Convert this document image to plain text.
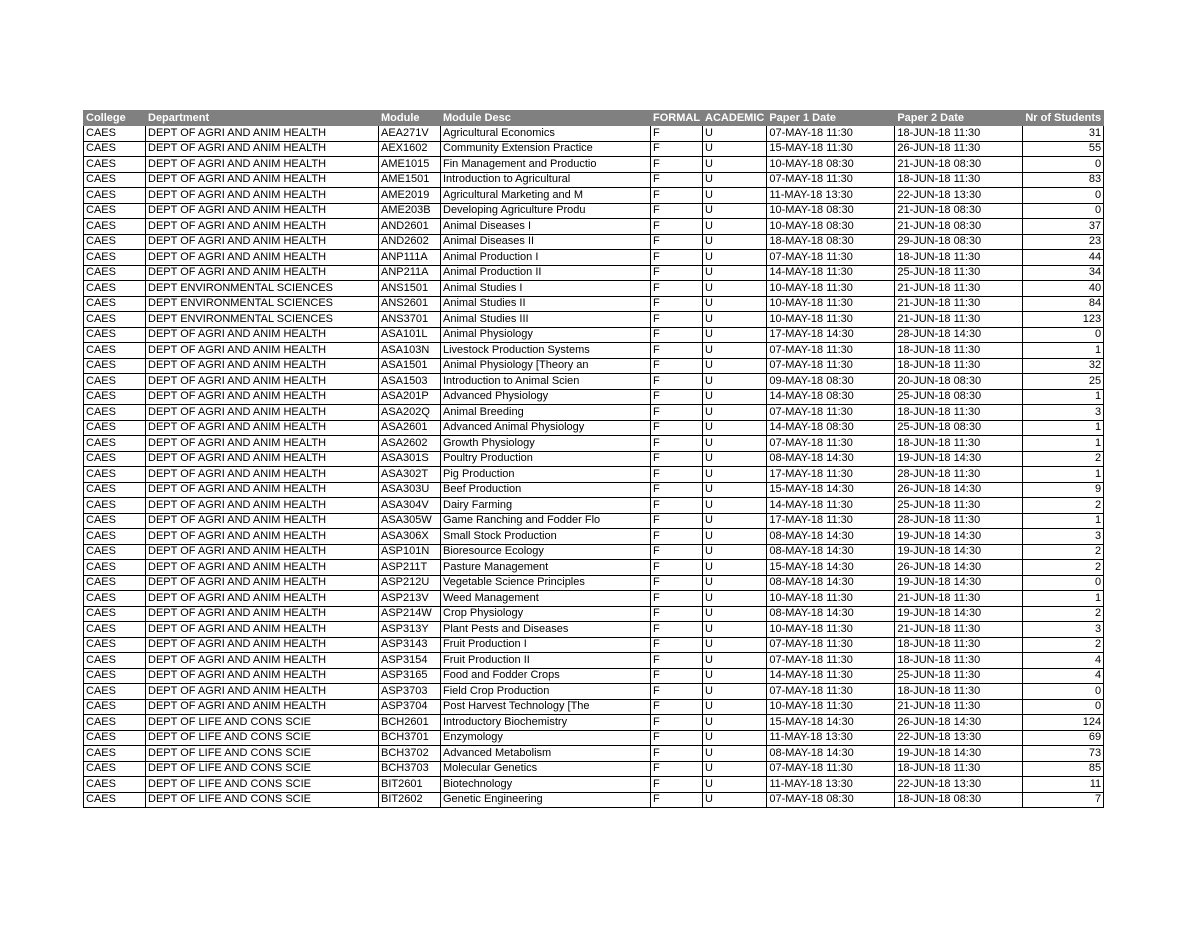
College	Department	Module	Module Desc	FORMAL	ACADEMIC	Paper 1 Date	Paper 2 Date	Nr of Students
CAES	DEPT OF AGRI AND ANIM HEALTH	AEA271V	Agricultural Economics	F	U	07-MAY-18 11:30	18-JUN-18 11:30	31
CAES	DEPT OF AGRI AND ANIM HEALTH	AEX1602	Community Extension Practice	F	U	15-MAY-18 11:30	26-JUN-18 11:30	55
CAES	DEPT OF AGRI AND ANIM HEALTH	AME1015	Fin Management and Productio	F	U	10-MAY-18 08:30	21-JUN-18 08:30	0
CAES	DEPT OF AGRI AND ANIM HEALTH	AME1501	Introduction to Agricultural	F	U	07-MAY-18 11:30	18-JUN-18 11:30	83
CAES	DEPT OF AGRI AND ANIM HEALTH	AME2019	Agricultural Marketing and M	F	U	11-MAY-18 13:30	22-JUN-18 13:30	0
CAES	DEPT OF AGRI AND ANIM HEALTH	AME203B	Developing Agriculture Produ	F	U	10-MAY-18 08:30	21-JUN-18 08:30	0
CAES	DEPT OF AGRI AND ANIM HEALTH	AND2601	Animal Diseases I	F	U	10-MAY-18 08:30	21-JUN-18 08:30	37
CAES	DEPT OF AGRI AND ANIM HEALTH	AND2602	Animal Diseases II	F	U	18-MAY-18 08:30	29-JUN-18 08:30	23
CAES	DEPT OF AGRI AND ANIM HEALTH	ANP111A	Animal Production I	F	U	07-MAY-18 11:30	18-JUN-18 11:30	44
CAES	DEPT OF AGRI AND ANIM HEALTH	ANP211A	Animal Production II	F	U	14-MAY-18 11:30	25-JUN-18 11:30	34
CAES	DEPT ENVIRONMENTAL SCIENCES	ANS1501	Animal Studies I	F	U	10-MAY-18 11:30	21-JUN-18 11:30	40
CAES	DEPT ENVIRONMENTAL SCIENCES	ANS2601	Animal Studies II	F	U	10-MAY-18 11:30	21-JUN-18 11:30	84
CAES	DEPT ENVIRONMENTAL SCIENCES	ANS3701	Animal Studies III	F	U	10-MAY-18 11:30	21-JUN-18 11:30	123
CAES	DEPT OF AGRI AND ANIM HEALTH	ASA101L	Animal Physiology	F	U	17-MAY-18 14:30	28-JUN-18 14:30	0
CAES	DEPT OF AGRI AND ANIM HEALTH	ASA103N	Livestock Production Systems	F	U	07-MAY-18 11:30	18-JUN-18 11:30	1
CAES	DEPT OF AGRI AND ANIM HEALTH	ASA1501	Animal Physiology [Theory an	F	U	07-MAY-18 11:30	18-JUN-18 11:30	32
CAES	DEPT OF AGRI AND ANIM HEALTH	ASA1503	Introduction to Animal Scien	F	U	09-MAY-18 08:30	20-JUN-18 08:30	25
CAES	DEPT OF AGRI AND ANIM HEALTH	ASA201P	Advanced Physiology	F	U	14-MAY-18 08:30	25-JUN-18 08:30	1
CAES	DEPT OF AGRI AND ANIM HEALTH	ASA202Q	Animal Breeding	F	U	07-MAY-18 11:30	18-JUN-18 11:30	3
CAES	DEPT OF AGRI AND ANIM HEALTH	ASA2601	Advanced Animal Physiology	F	U	14-MAY-18 08:30	25-JUN-18 08:30	1
CAES	DEPT OF AGRI AND ANIM HEALTH	ASA2602	Growth Physiology	F	U	07-MAY-18 11:30	18-JUN-18 11:30	1
CAES	DEPT OF AGRI AND ANIM HEALTH	ASA301S	Poultry Production	F	U	08-MAY-18 14:30	19-JUN-18 14:30	2
CAES	DEPT OF AGRI AND ANIM HEALTH	ASA302T	Pig Production	F	U	17-MAY-18 11:30	28-JUN-18 11:30	1
CAES	DEPT OF AGRI AND ANIM HEALTH	ASA303U	Beef Production	F	U	15-MAY-18 14:30	26-JUN-18 14:30	9
CAES	DEPT OF AGRI AND ANIM HEALTH	ASA304V	Dairy Farming	F	U	14-MAY-18 11:30	25-JUN-18 11:30	2
CAES	DEPT OF AGRI AND ANIM HEALTH	ASA305W	Game Ranching and Fodder Flo	F	U	17-MAY-18 11:30	28-JUN-18 11:30	1
CAES	DEPT OF AGRI AND ANIM HEALTH	ASA306X	Small Stock Production	F	U	08-MAY-18 14:30	19-JUN-18 14:30	3
CAES	DEPT OF AGRI AND ANIM HEALTH	ASP101N	Bioresource Ecology	F	U	08-MAY-18 14:30	19-JUN-18 14:30	2
CAES	DEPT OF AGRI AND ANIM HEALTH	ASP211T	Pasture Management	F	U	15-MAY-18 14:30	26-JUN-18 14:30	2
CAES	DEPT OF AGRI AND ANIM HEALTH	ASP212U	Vegetable Science Principles	F	U	08-MAY-18 14:30	19-JUN-18 14:30	0
CAES	DEPT OF AGRI AND ANIM HEALTH	ASP213V	Weed Management	F	U	10-MAY-18 11:30	21-JUN-18 11:30	1
CAES	DEPT OF AGRI AND ANIM HEALTH	ASP214W	Crop Physiology	F	U	08-MAY-18 14:30	19-JUN-18 14:30	2
CAES	DEPT OF AGRI AND ANIM HEALTH	ASP313Y	Plant Pests and Diseases	F	U	10-MAY-18 11:30	21-JUN-18 11:30	3
CAES	DEPT OF AGRI AND ANIM HEALTH	ASP3143	Fruit Production I	F	U	07-MAY-18 11:30	18-JUN-18 11:30	2
CAES	DEPT OF AGRI AND ANIM HEALTH	ASP3154	Fruit Production II	F	U	07-MAY-18 11:30	18-JUN-18 11:30	4
CAES	DEPT OF AGRI AND ANIM HEALTH	ASP3165	Food and Fodder Crops	F	U	14-MAY-18 11:30	25-JUN-18 11:30	4
CAES	DEPT OF AGRI AND ANIM HEALTH	ASP3703	Field Crop Production	F	U	07-MAY-18 11:30	18-JUN-18 11:30	0
CAES	DEPT OF AGRI AND ANIM HEALTH	ASP3704	Post Harvest Technology [The	F	U	10-MAY-18 11:30	21-JUN-18 11:30	0
CAES	DEPT OF LIFE AND CONS SCIE	BCH2601	Introductory Biochemistry	F	U	15-MAY-18 14:30	26-JUN-18 14:30	124
CAES	DEPT OF LIFE AND CONS SCIE	BCH3701	Enzymology	F	U	11-MAY-18 13:30	22-JUN-18 13:30	69
CAES	DEPT OF LIFE AND CONS SCIE	BCH3702	Advanced Metabolism	F	U	08-MAY-18 14:30	19-JUN-18 14:30	73
CAES	DEPT OF LIFE AND CONS SCIE	BCH3703	Molecular Genetics	F	U	07-MAY-18 11:30	18-JUN-18 11:30	85
CAES	DEPT OF LIFE AND CONS SCIE	BIT2601	Biotechnology	F	U	11-MAY-18 13:30	22-JUN-18 13:30	11
CAES	DEPT OF LIFE AND CONS SCIE	BIT2602	Genetic Engineering	F	U	07-MAY-18 08:30	18-JUN-18 08:30	7
